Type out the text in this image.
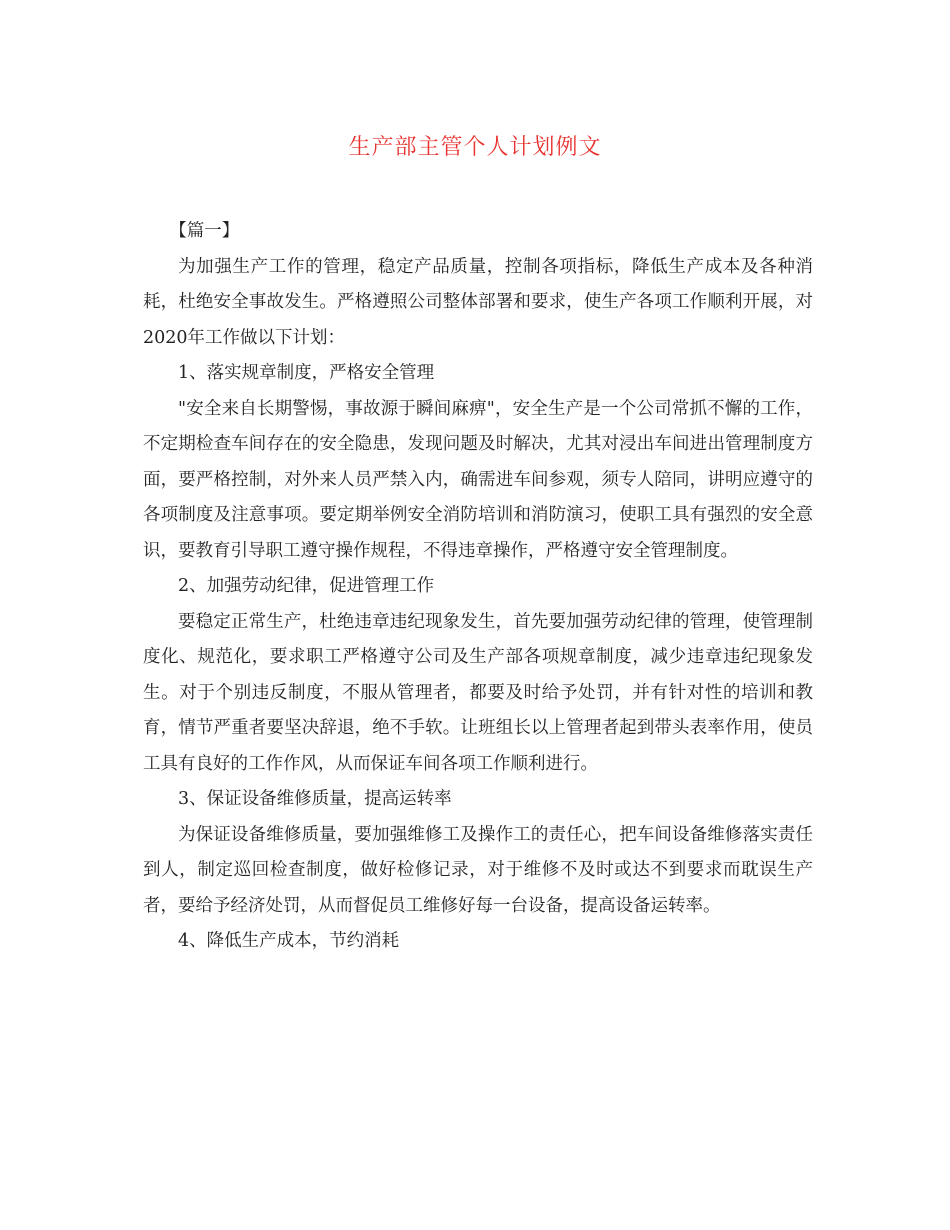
生产部主管个人计划例文

【篇一】

为加强生产工作的管理，稳定产品质量，控制各项指标，降低生产成本及各种消耗，杜绝安全事故发生。严格遵照公司整体部署和要求，使生产各项工作顺利开展，对2020年工作做以下计划：

1、落实规章制度，严格安全管理

"安全来自长期警惕，事故源于瞬间麻痹"，安全生产是一个公司常抓不懈的工作，不定期检查车间存在的安全隐患，发现问题及时解决，尤其对浸出车间进出管理制度方面，要严格控制，对外来人员严禁入内，确需进车间参观，须专人陪同，讲明应遵守的各项制度及注意事项。要定期举例安全消防培训和消防演习，使职工具有强烈的安全意识，要教育引导职工遵守操作规程，不得违章操作，严格遵守安全管理制度。

2、加强劳动纪律，促进管理工作

要稳定正常生产，杜绝违章违纪现象发生，首先要加强劳动纪律的管理，使管理制度化、规范化，要求职工严格遵守公司及生产部各项规章制度，减少违章违纪现象发生。对于个别违反制度，不服从管理者，都要及时给予处罚，并有针对性的培训和教育，情节严重者要坚决辞退，绝不手软。让班组长以上管理者起到带头表率作用，使员工具有良好的工作作风，从而保证车间各项工作顺利进行。

3、保证设备维修质量，提高运转率

为保证设备维修质量，要加强维修工及操作工的责任心，把车间设备维修落实责任到人，制定巡回检查制度，做好检修记录，对于维修不及时或达不到要求而耽误生产者，要给予经济处罚，从而督促员工维修好每一台设备，提高设备运转率。

4、降低生产成本，节约消耗
